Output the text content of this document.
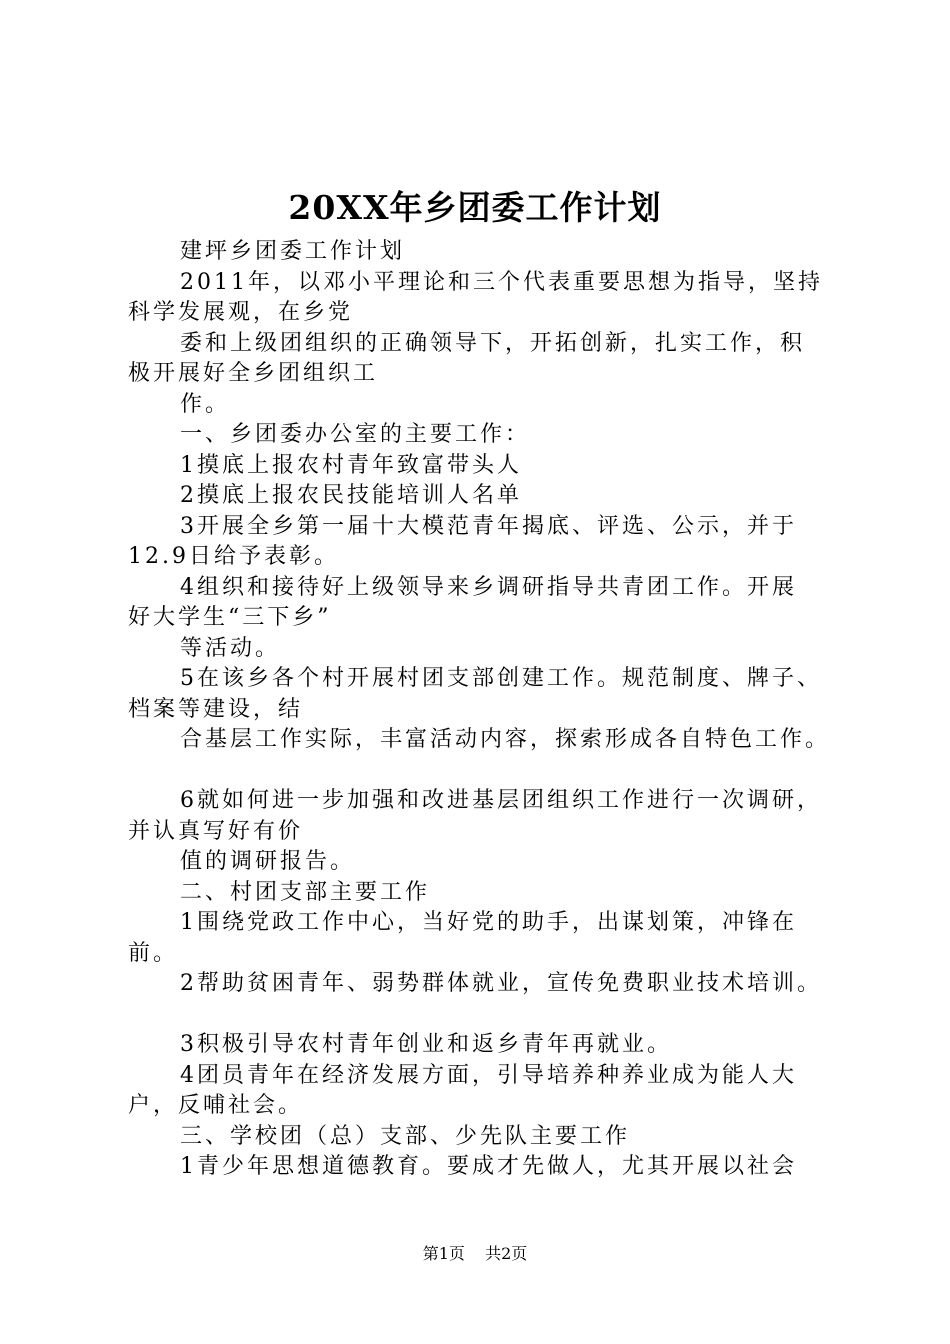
20XX年乡团委工作计划
建坪乡团委工作计划
2011年，以邓小平理论和三个代表重要思想为指导，坚持
科学发展观，在乡党
委和上级团组织的正确领导下，开拓创新，扎实工作，积
极开展好全乡团组织工
作。
一、乡团委办公室的主要工作：
1摸底上报农村青年致富带头人
2摸底上报农民技能培训人名单
3开展全乡第一届十大模范青年揭底、评选、公示，并于
12.9日给予表彰。
4组织和接待好上级领导来乡调研指导共青团工作。开展
好大学生“三下乡”
等活动。
5在该乡各个村开展村团支部创建工作。规范制度、牌子、
档案等建设，结
合基层工作实际，丰富活动内容，探索形成各自特色工作。
6就如何进一步加强和改进基层团组织工作进行一次调研，
并认真写好有价
值的调研报告。
二、村团支部主要工作
1围绕党政工作中心，当好党的助手，出谋划策，冲锋在
前。
2帮助贫困青年、弱势群体就业，宣传免费职业技术培训。
3积极引导农村青年创业和返乡青年再就业。
4团员青年在经济发展方面，引导培养种养业成为能人大
户，反哺社会。
三、学校团（总）支部、少先队主要工作
1青少年思想道德教育。要成才先做人，尤其开展以社会
第1页 共2页
